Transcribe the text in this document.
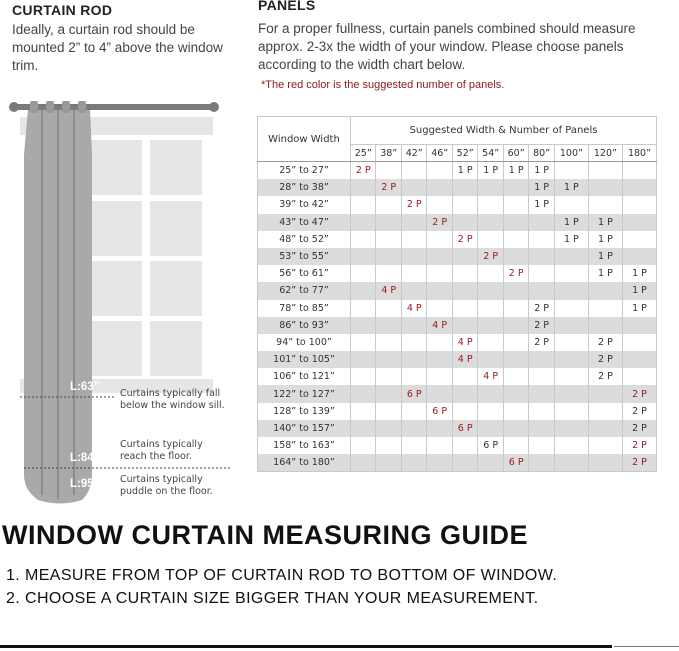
CURTAIN ROD
Ideally, a curtain rod should be mounted 2” to 4” above the window trim.
PANELS
For a proper fullness, curtain panels combined should measure approx. 2-3x the width of your window. Please choose panels according to the width chart below.
*The red color is the suggested number of panels.
L:63”
L:84”
L:95”
Curtains typically fall below the window sill.
Curtains typically reach the floor.
Curtains typically puddle on the floor.
Window Width	Suggested Width & Number of Panels										
	25”	38”	42”	46”	52”	54”	60”	80”	100”	120”	180”
25” to 27”	2 P				1 P	1 P	1 P	1 P			
28” to 38”		2 P						1 P	1 P		
39” to 42”			2 P					1 P			
43” to 47”				2 P					1 P	1 P	
48” to 52”					2 P				1 P	1 P	
53” to 55”						2 P				1 P	
56” to 61”							2 P			1 P	1 P
62” to 77”		4 P									1 P
78” to 85”			4 P					2 P			1 P
86” to 93”				4 P				2 P			
94” to 100”					4 P			2 P		2 P	
101” to 105”					4 P					2 P	
106” to 121”						4 P				2 P	
122” to 127”			6 P								2 P
128” to 139”				6 P							2 P
140” to 157”					6 P						2 P
158” to 163”						6 P					2 P
164” to 180”							6 P				2 P
WINDOW CURTAIN MEASURING GUIDE
1. MEASURE FROM TOP OF CURTAIN ROD TO BOTTOM OF WINDOW.
2. CHOOSE A CURTAIN SIZE BIGGER THAN YOUR MEASUREMENT.
